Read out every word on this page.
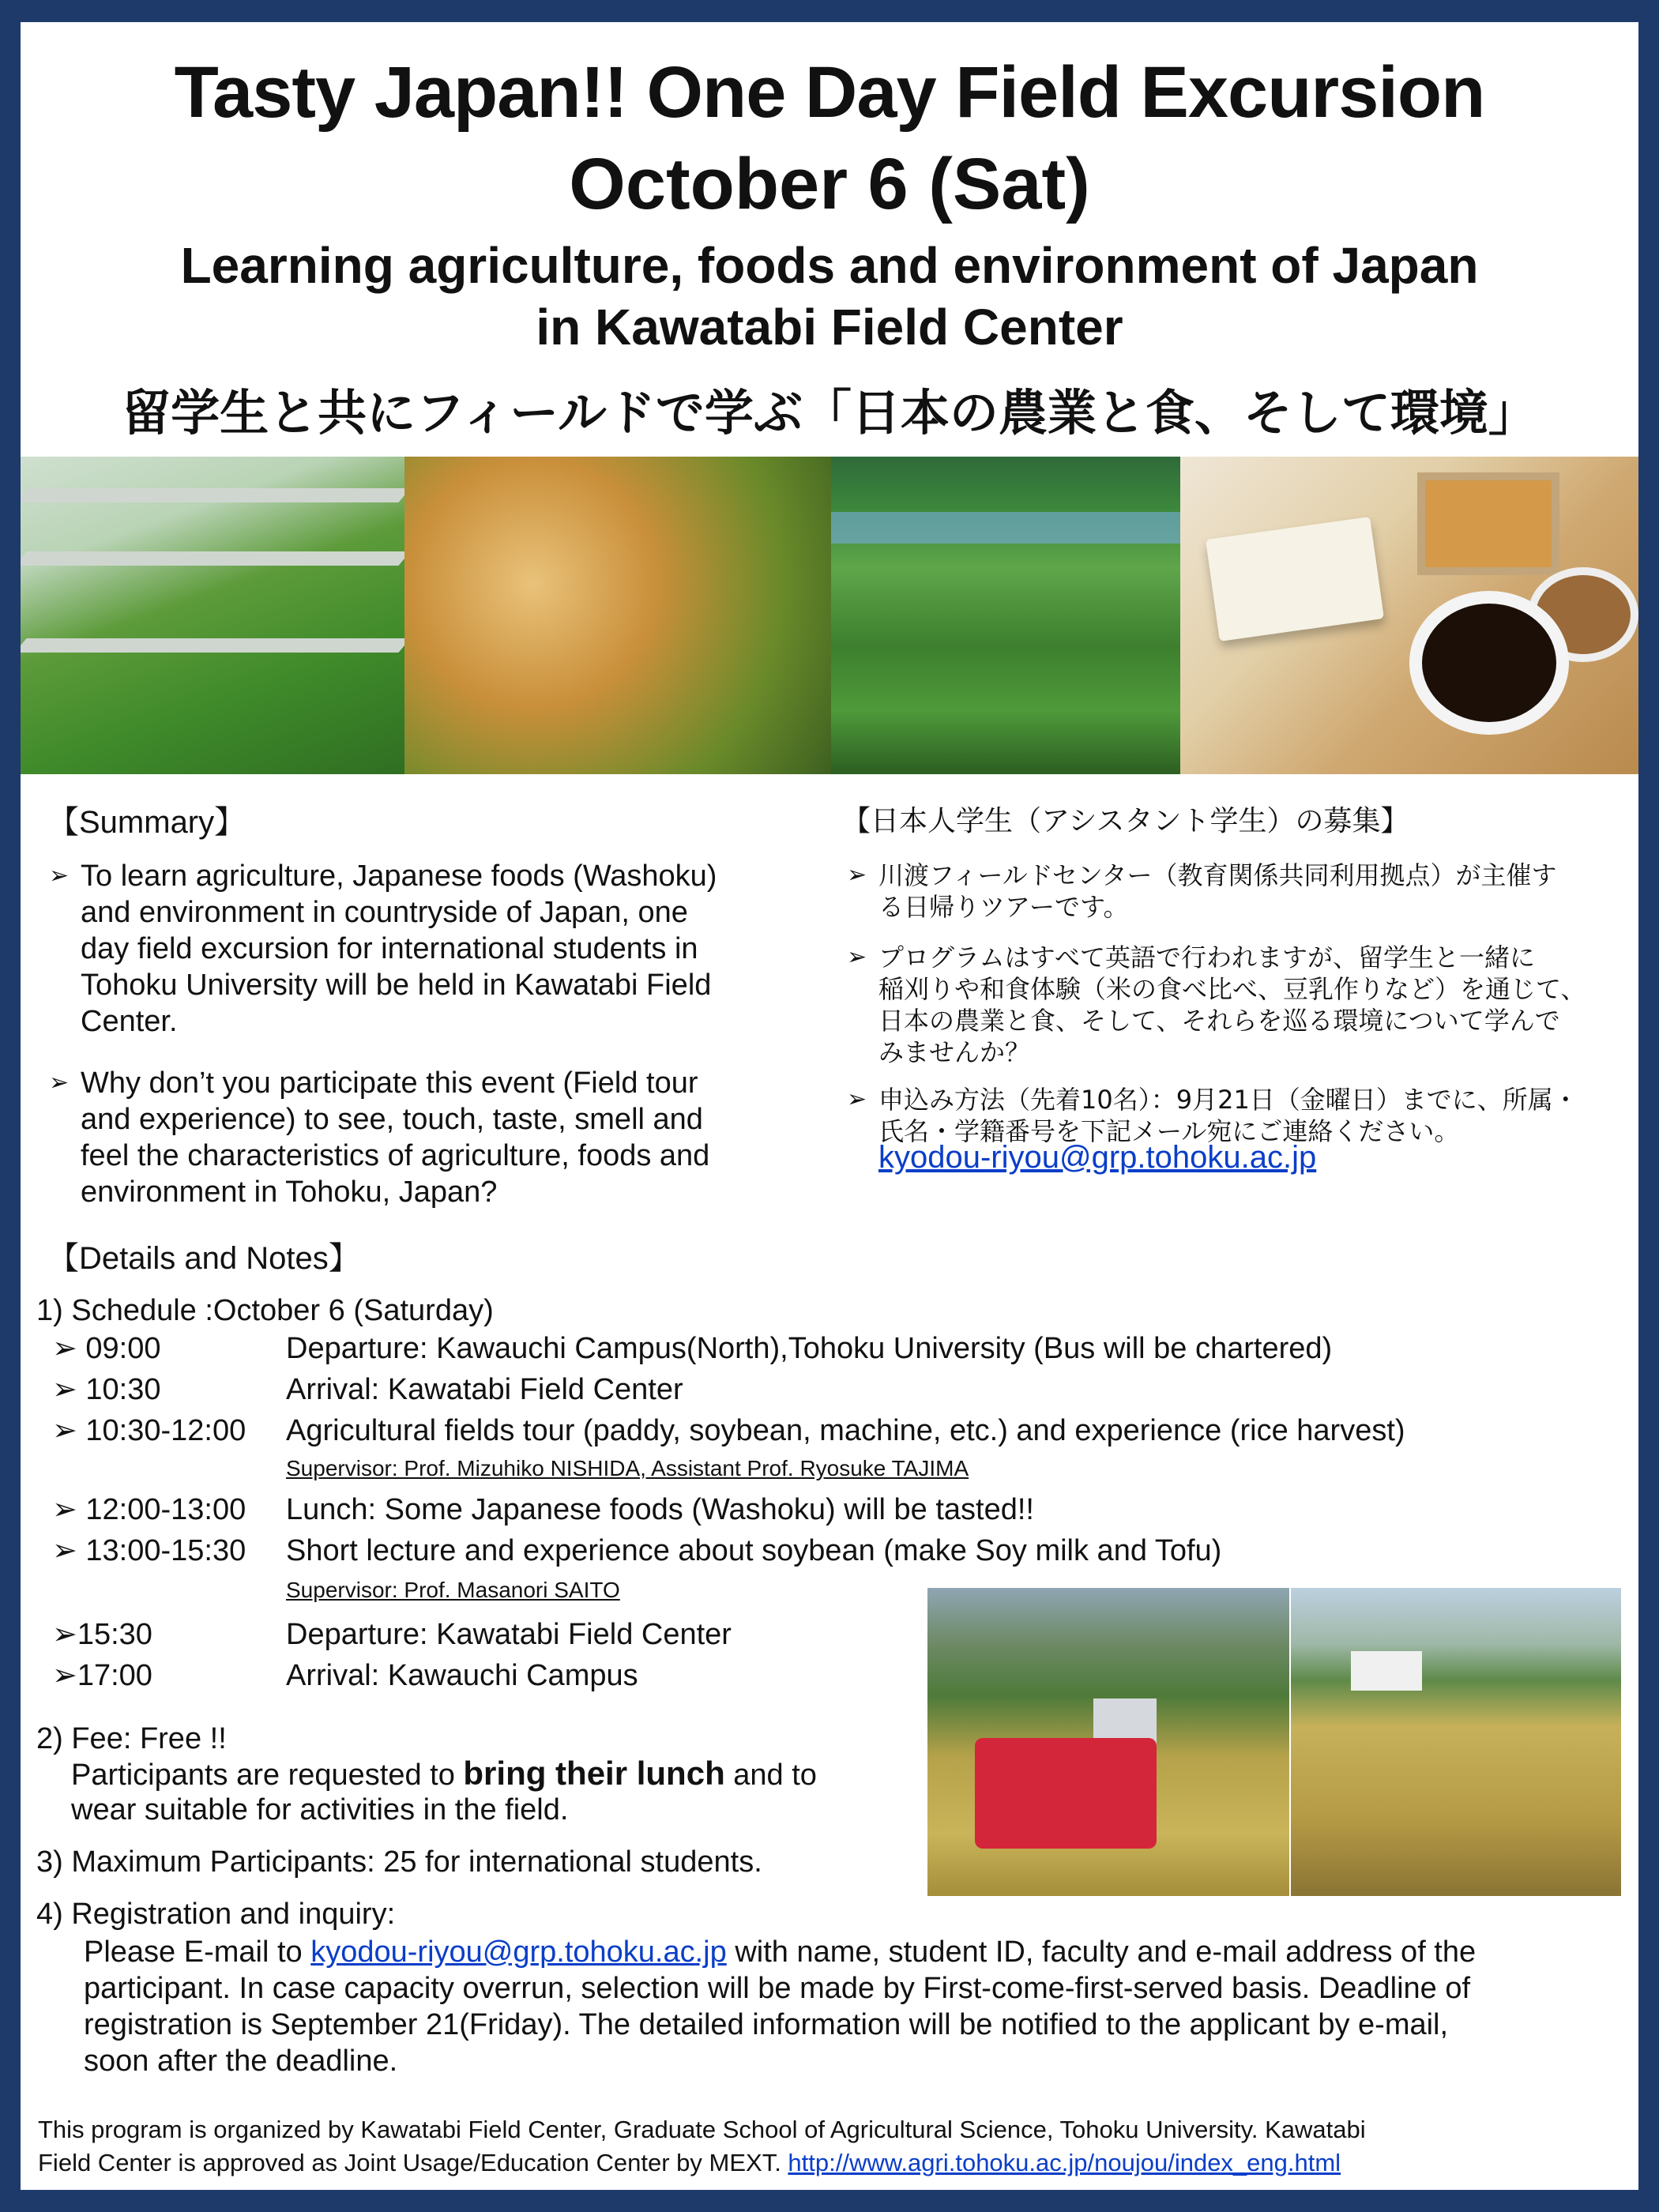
Tasty Japan!! One Day Field Excursion
October 6 (Sat)
Learning agriculture, foods and environment of Japan
in Kawatabi Field Center
留学生と共にフィールドで学ぶ「日本の農業と食、そして環境」
【Summary】
➢ To learn agriculture, Japanese foods (Washoku)
and environment in countryside of Japan, one
day field excursion for international students in
Tohoku University will be held in Kawatabi Field
Center.
➢ Why don’t you participate this event (Field tour
and experience) to see, touch, taste, smell and
feel the characteristics of agriculture, foods and
environment in Tohoku, Japan?
【日本人学生（アシスタント学生）の募集】
➢ 川渡フィールドセンター（教育関係共同利用拠点）が主催す
る日帰りツアーです。
➢ プログラムはすべて英語で行われますが、留学生と一緒に
稲刈りや和食体験（米の食べ比べ、豆乳作りなど）を通じて、
日本の農業と食、そして、それらを巡る環境について学んで
みませんか？
➢ 申込み方法（先着10名）：9月21日（金曜日）までに、所属・
氏名・学籍番号を下記メール宛にご連絡ください。
kyodou-riyou@grp.tohoku.ac.jp
【Details and Notes】
1) Schedule :October 6 (Saturday)
➢ 09:00	Departure: Kawauchi Campus(North),Tohoku University (Bus will be chartered)
➢ 10:30	Arrival: Kawatabi Field Center
➢ 10:30-12:00 Agricultural fields tour (paddy, soybean, machine, etc.) and experience (rice harvest)
Supervisor: Prof. Mizuhiko NISHIDA, Assistant Prof. Ryosuke TAJIMA
➢ 12:00-13:00 Lunch: Some Japanese foods (Washoku) will be tasted!!
➢ 13:00-15:30 Short lecture and experience about soybean (make Soy milk and Tofu)
Supervisor: Prof. Masanori SAITO
➢15:30	Departure: Kawatabi Field Center
➢17:00	Arrival: Kawauchi Campus
2) Fee: Free !!
Participants are requested to bring their lunch and to
wear suitable for activities in the field.
3) Maximum Participants: 25 for international students.
4) Registration and inquiry:
Please E-mail to kyodou-riyou@grp.tohoku.ac.jp with name, student ID, faculty and e-mail address of the
participant. In case capacity overrun, selection will be made by First-come-first-served basis. Deadline of
registration is September 21(Friday). The detailed information will be notified to the applicant by e-mail,
soon after the deadline.
This program is organized by Kawatabi Field Center, Graduate School of Agricultural Science, Tohoku University. Kawatabi
Field Center is approved as Joint Usage/Education Center by MEXT. http://www.agri.tohoku.ac.jp/noujou/index_eng.html
